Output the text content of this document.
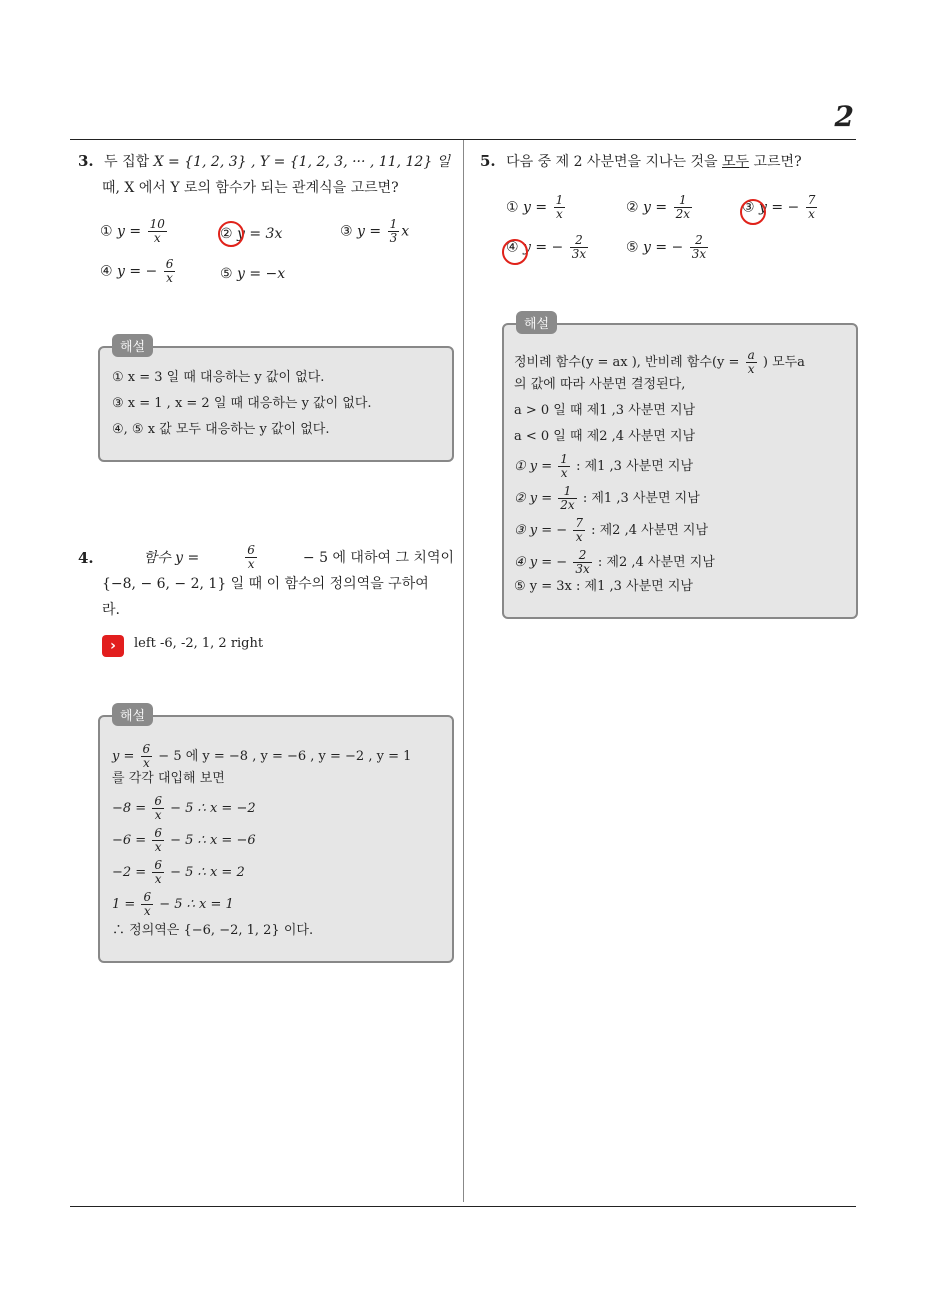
2
3. 두 집합 X = {1, 2, 3} , Y = {1, 2, 3, ··· , 11, 12} 일
때, X 에서 Y 로의 함수가 되는 관계식을 고르면?
① $y = \frac{10}{x}$	② y = 3x	③ $y = \frac{1}{3}$ x
④ y = − $\frac{6}{x}$	⑤ y = −x
① x = 3 일 때 대응하는 y 값이 없다.
③ x = 1 , x = 2 일 때 대응하는 y 값이 없다.
④, ⑤ x 값 모두 대응하는 y 값이 없다.
해설
4.	함수 y =	$\frac{6}{x}$	− 5 에 대하여 그 치역이
{−8, − 6, − 2, 1} 일 때 이 함수의 정의역을 구하여
라.
›	left -6, -2, 1, 2 right
$y = \frac{6}{x} - 5$ 에 y = −8 , y = −6 , y = −2 , y = 1
를 각각 대입해 보면
$-8 = \frac{6}{x} - 5$ ∴ x = −2
$-6 = \frac{6}{x} - 5$ ∴ x = −6
$-2 = \frac{6}{x} - 5$ ∴ x = 2
$1 = \frac{6}{x} - 5$ ∴ x = 1
∴ 정의역은 {−6, −2, 1, 2} 이다.
해설
5. 다음 중 제 2 사분면을 지나는 것을 모두 고르면?
① $y = \frac{1}{x}$	② $y = \frac{1}{2x}$	③ y = − $\frac{7}{x}$
④ y = − $\frac{2}{3x}$	⑤ y = − $\frac{2}{3x}$
정비례 함수(y = ax ), 반비례 함수($y = \frac{a}{x}$ ) 모두a
의 값에 따라 사분면 결정된다,
a > 0 일 때 제1 ,3 사분면 지남
a < 0 일 때 제2 ,4 사분면 지남
① $y = \frac{1}{x}$ : 제1 ,3 사분면 지남
② $y = \frac{1}{2x}$ : 제1 ,3 사분면 지남
③ y = − $\frac{7}{x}$ : 제2 ,4 사분면 지남
④ y = − $\frac{2}{3x}$ : 제2 ,4 사분면 지남
⑤ y = 3x : 제1 ,3 사분면 지남
해설
